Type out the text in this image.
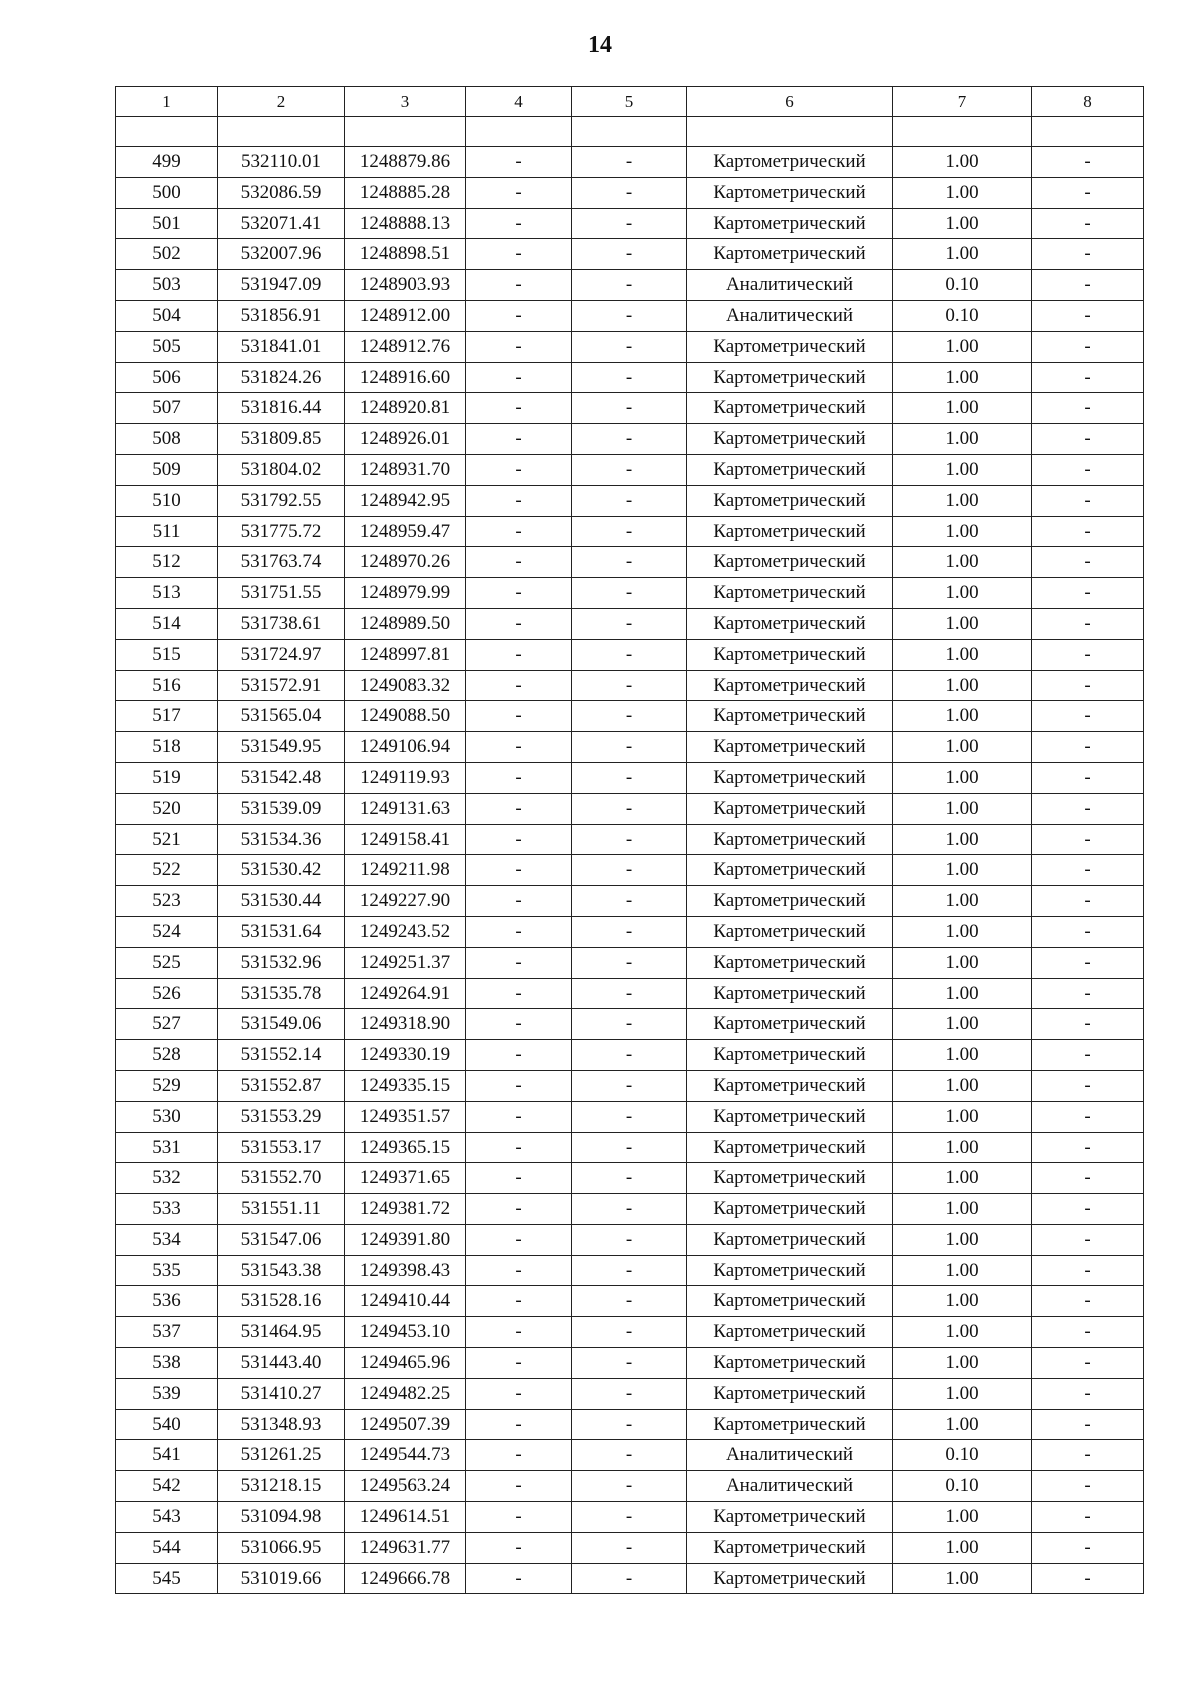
14
1	2	3	4	5	6	7	8

499	532110.01	1248879.86	-	-	Картометрический	1.00	-
500	532086.59	1248885.28	-	-	Картометрический	1.00	-
501	532071.41	1248888.13	-	-	Картометрический	1.00	-
502	532007.96	1248898.51	-	-	Картометрический	1.00	-
503	531947.09	1248903.93	-	-	Аналитический	0.10	-
504	531856.91	1248912.00	-	-	Аналитический	0.10	-
505	531841.01	1248912.76	-	-	Картометрический	1.00	-
506	531824.26	1248916.60	-	-	Картометрический	1.00	-
507	531816.44	1248920.81	-	-	Картометрический	1.00	-
508	531809.85	1248926.01	-	-	Картометрический	1.00	-
509	531804.02	1248931.70	-	-	Картометрический	1.00	-
510	531792.55	1248942.95	-	-	Картометрический	1.00	-
511	531775.72	1248959.47	-	-	Картометрический	1.00	-
512	531763.74	1248970.26	-	-	Картометрический	1.00	-
513	531751.55	1248979.99	-	-	Картометрический	1.00	-
514	531738.61	1248989.50	-	-	Картометрический	1.00	-
515	531724.97	1248997.81	-	-	Картометрический	1.00	-
516	531572.91	1249083.32	-	-	Картометрический	1.00	-
517	531565.04	1249088.50	-	-	Картометрический	1.00	-
518	531549.95	1249106.94	-	-	Картометрический	1.00	-
519	531542.48	1249119.93	-	-	Картометрический	1.00	-
520	531539.09	1249131.63	-	-	Картометрический	1.00	-
521	531534.36	1249158.41	-	-	Картометрический	1.00	-
522	531530.42	1249211.98	-	-	Картометрический	1.00	-
523	531530.44	1249227.90	-	-	Картометрический	1.00	-
524	531531.64	1249243.52	-	-	Картометрический	1.00	-
525	531532.96	1249251.37	-	-	Картометрический	1.00	-
526	531535.78	1249264.91	-	-	Картометрический	1.00	-
527	531549.06	1249318.90	-	-	Картометрический	1.00	-
528	531552.14	1249330.19	-	-	Картометрический	1.00	-
529	531552.87	1249335.15	-	-	Картометрический	1.00	-
530	531553.29	1249351.57	-	-	Картометрический	1.00	-
531	531553.17	1249365.15	-	-	Картометрический	1.00	-
532	531552.70	1249371.65	-	-	Картометрический	1.00	-
533	531551.11	1249381.72	-	-	Картометрический	1.00	-
534	531547.06	1249391.80	-	-	Картометрический	1.00	-
535	531543.38	1249398.43	-	-	Картометрический	1.00	-
536	531528.16	1249410.44	-	-	Картометрический	1.00	-
537	531464.95	1249453.10	-	-	Картометрический	1.00	-
538	531443.40	1249465.96	-	-	Картометрический	1.00	-
539	531410.27	1249482.25	-	-	Картометрический	1.00	-
540	531348.93	1249507.39	-	-	Картометрический	1.00	-
541	531261.25	1249544.73	-	-	Аналитический	0.10	-
542	531218.15	1249563.24	-	-	Аналитический	0.10	-
543	531094.98	1249614.51	-	-	Картометрический	1.00	-
544	531066.95	1249631.77	-	-	Картометрический	1.00	-
545	531019.66	1249666.78	-	-	Картометрический	1.00	-
